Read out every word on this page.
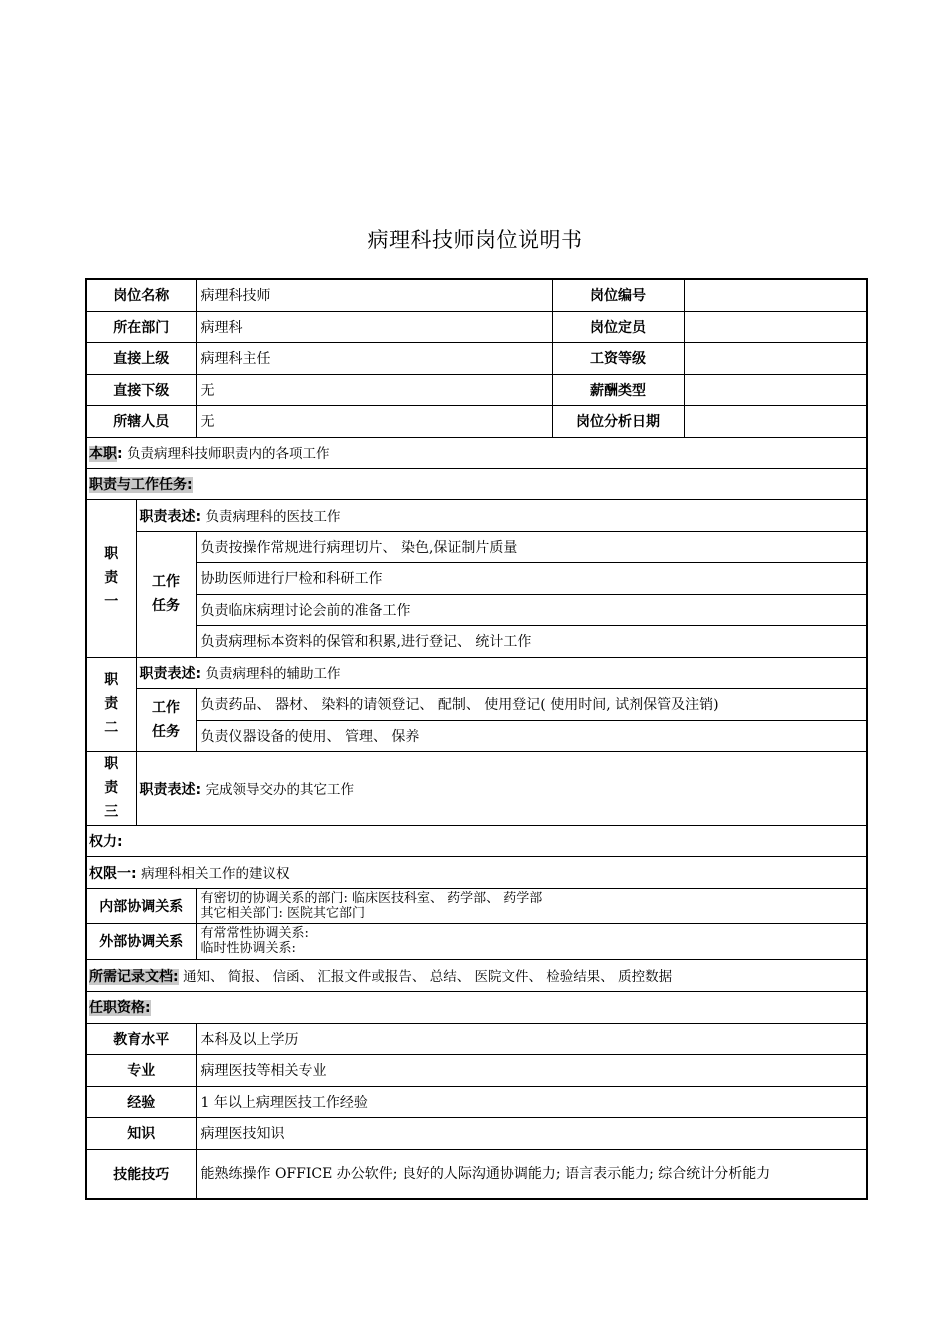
病理科技师岗位说明书
岗位名称		病理科技师	岗位编号	
所在部门		病理科	岗位定员	
直接上级		病理科主任	工资等级	
直接下级		无	薪酬类型	
所辖人员		无	岗位分析日期	
本职: 负责病理科技师职责内的各项工作				
职责与工作任务:				
职
责
一	职责表述: 负责病理科的医技工作			
	工作
任务	负责按操作常规进行病理切片、 染色,保证制片质量		
		协助医师进行尸检和科研工作		
		负责临床病理讨论会前的准备工作		
		负责病理标本资料的保管和积累,进行登记、 统计工作		
职
责
二	职责表述: 负责病理科的辅助工作			
	工作
任务	负责药品、 器材、 染料的请领登记、 配制、 使用登记( 使用时间, 试剂保管及注销)		
		负责仪器设备的使用、 管理、 保养		
职
责
三	职责表述: 完成领导交办的其它工作			
权力:				
权限一: 病理科相关工作的建议权				
内部协调关系		有密切的协调关系的部门: 临床医技科室、 药学部、 药学部
其它相关部门: 医院其它部门		

外部协调关系		有常常性协调关系:
临时性协调关系:		

所需记录文档: 通知、 简报、 信函、 汇报文件或报告、 总结、 医院文件、 检验结果、 质控数据				
任职资格:				
教育水平		本科及以上学历		
专业		病理医技等相关专业		
经验		1 年以上病理医技工作经验		
知识		病理医技知识		
技能技巧		能熟练操作 OFFICE 办公软件; 良好的人际沟通协调能力; 语言表示能力; 综合统计分析能力		
